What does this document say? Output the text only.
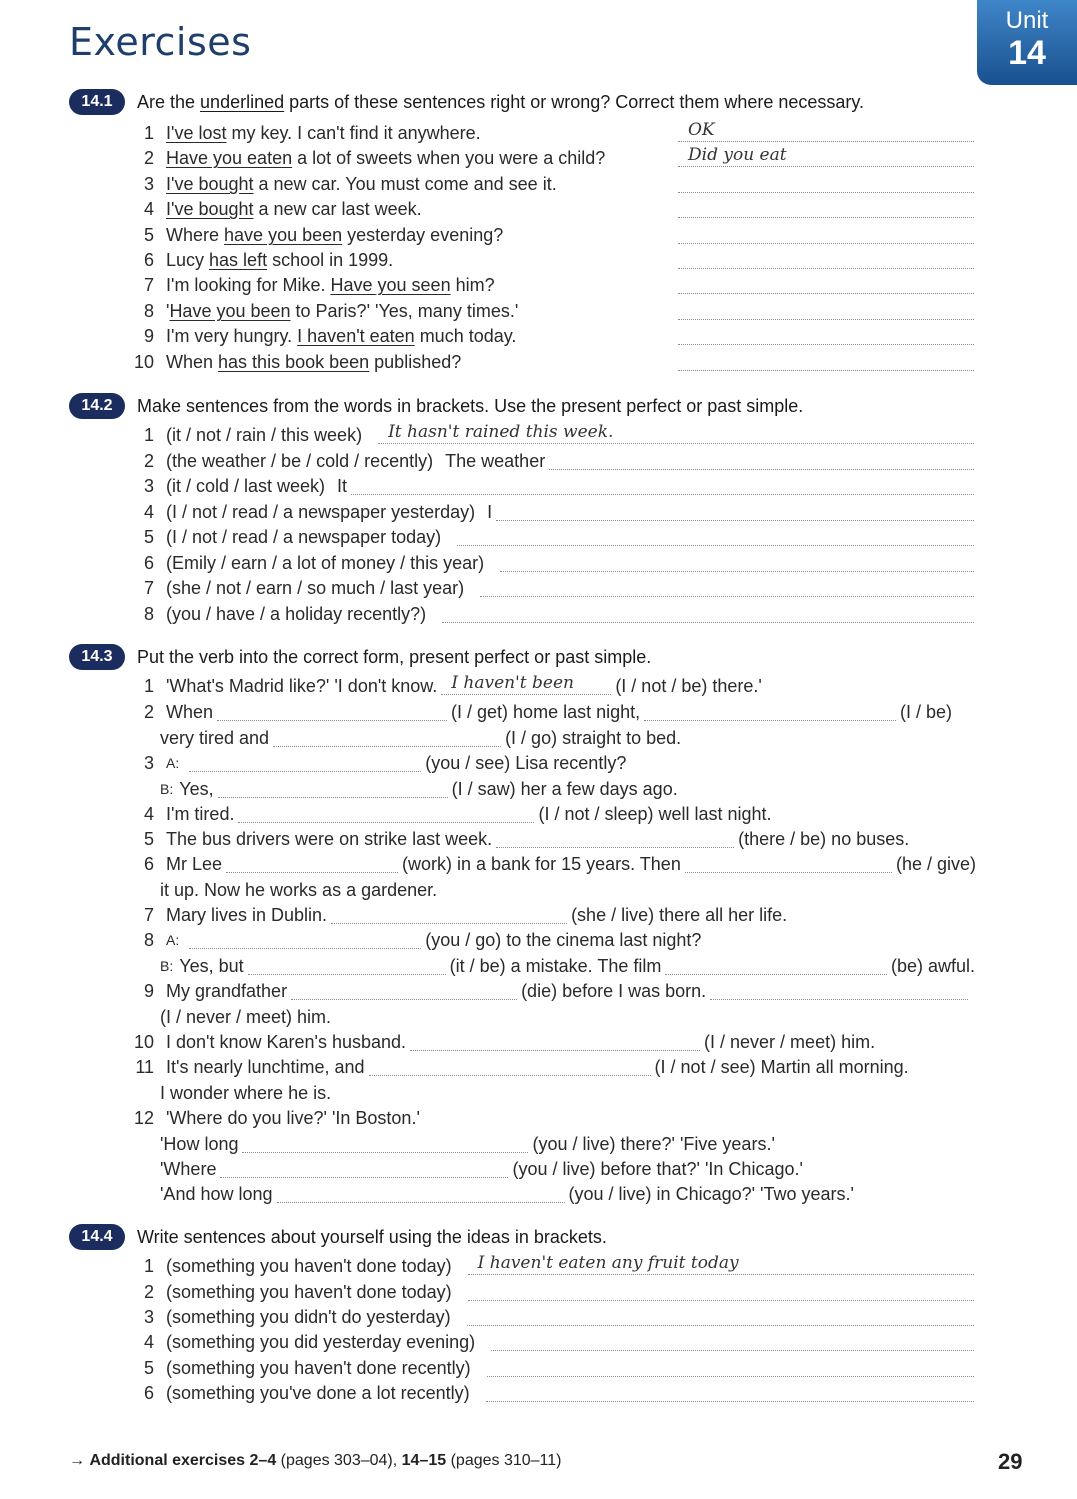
Exercises	Unit
14
14.1	Are the underlined parts of these sentences right or wrong? Correct them where necessary.
1 I've lost my key. I can't find it anywhere.	OK
2 Have you eaten a lot of sweets when you were a child?	Did you eat
3 I've bought a new car. You must come and see it.
4 I've bought a new car last week.
5 Where have you been yesterday evening?
6 Lucy has left school in 1999.
7 I'm looking for Mike. Have you seen him?
8 'Have you been to Paris?' 'Yes, many times.'
9 I'm very hungry. I haven't eaten much today.
10 When has this book been published?
14.2	Make sentences from the words in brackets. Use the present perfect or past simple.
1 (it / not / rain / this week) It hasn't rained this week.
2 (the weather / be / cold / recently) The weather
3 (it / cold / last week) It
4 (I / not / read / a newspaper yesterday) I
5 (I / not / read / a newspaper today)
6 (Emily / earn / a lot of money / this year)
7 (she / not / earn / so much / last year)
8 (you / have / a holiday recently?)
14.3	Put the verb into the correct form, present perfect or past simple.
1 'What's Madrid like?' 'I don't know. I haven't been (I / not / be) there.'
2 When	(I / get) home last night,	(I / be)
very tired and	(I / go) straight to bed.
3 A:	(you / see) Lisa recently?
B: Yes,	(I / saw) her a few days ago.
4 I'm tired.	(I / not / sleep) well last night.
5 The bus drivers were on strike last week.	(there / be) no buses.
6 Mr Lee	(work) in a bank for 15 years. Then	(he / give)
it up. Now he works as a gardener.
7 Mary lives in Dublin.	(she / live) there all her life.
8 A:	(you / go) to the cinema last night?
B: Yes, but	(it / be) a mistake. The film	(be) awful.
9 My grandfather	(die) before I was born.
(I / never / meet) him.
10 I don't know Karen's husband.	(I / never / meet) him.
11 It's nearly lunchtime, and	(I / not / see) Martin all morning.
I wonder where he is.
12 'Where do you live?' 'In Boston.'
'How long	(you / live) there?' 'Five years.'
'Where	(you / live) before that?' 'In Chicago.'
'And how long	(you / live) in Chicago?' 'Two years.'
14.4	Write sentences about yourself using the ideas in brackets.
1 (something you haven't done today) I haven't eaten any fruit today
2 (something you haven't done today)
3 (something you didn't do yesterday)
4 (something you did yesterday evening)
5 (something you haven't done recently)
6 (something you've done a lot recently)
→ Additional exercises 2–4 (pages 303–04), 14–15 (pages 310–11)	29
